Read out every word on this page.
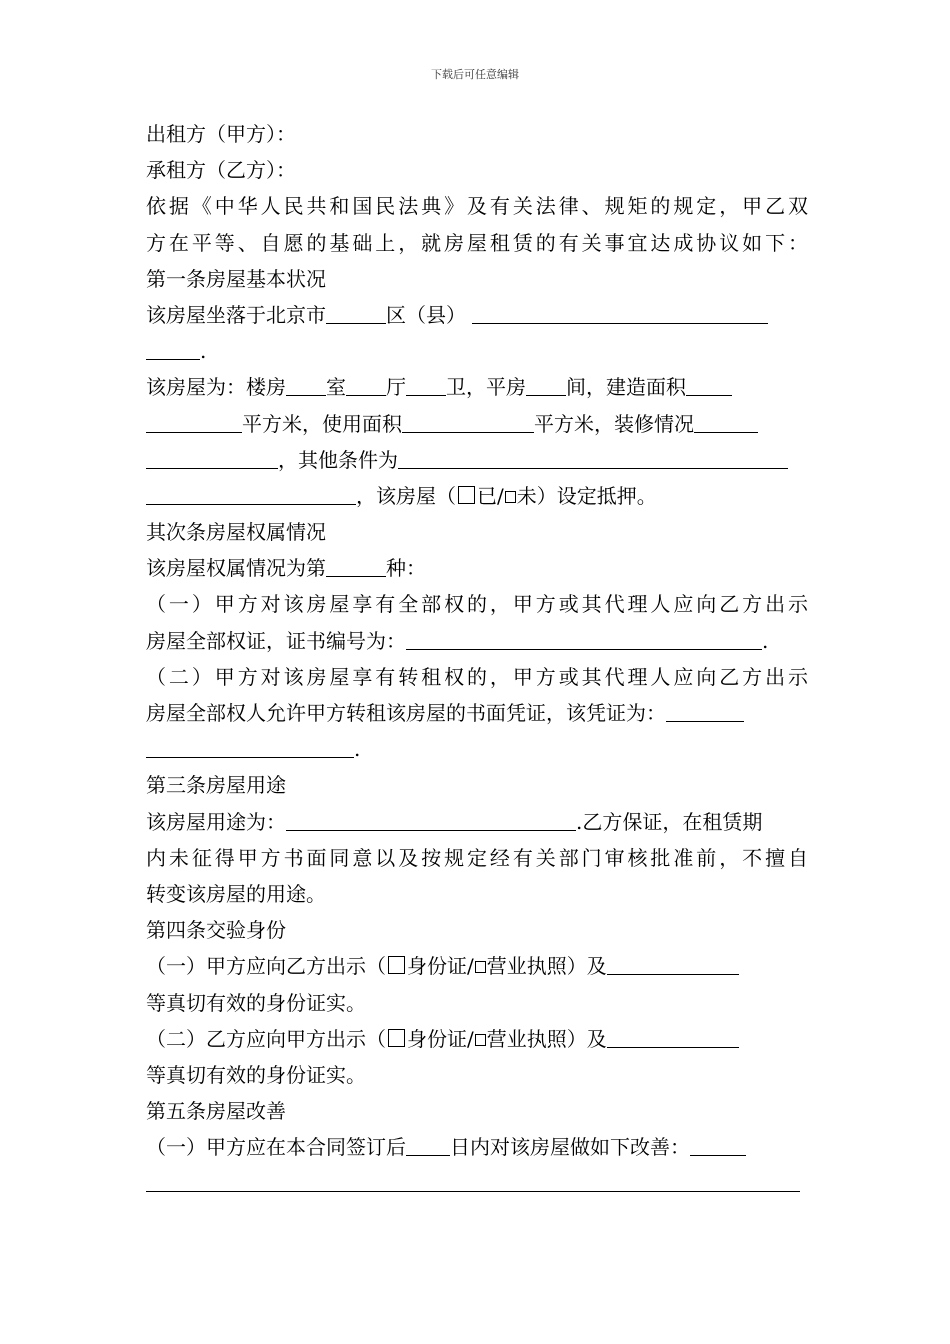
下载后可任意编辑
出租方（甲方）：
承租方（乙方）：
依据《中华人民共和国民法典》及有关法律、规矩的规定，甲乙双
方在平等、自愿的基础上，就房屋租赁的有关事宜达成协议如下：
第一条房屋基本状况
该房屋坐落于北京市	区（县）
.
该房屋为：楼房 室 厅 卫，平房 间，建造面积
平方米，使用面积	平方米，装修情况
，其他条件为
，该房屋（ 已/ 未）设定抵押。
其次条房屋权属情况
该房屋权属情况为第	种：
（一）甲方对该房屋享有全部权的，甲方或其代理人应向乙方出示
房屋全部权证，证书编号为：	.
（二）甲方对该房屋享有转租权的，甲方或其代理人应向乙方出示
房屋全部权人允许甲方转租该房屋的书面凭证，该凭证为：
.
第三条房屋用途
该房屋用途为：	.乙方保证，在租赁期
内未征得甲方书面同意以及按规定经有关部门审核批准前，不擅自
转变该房屋的用途。
第四条交验身份
（一）甲方应向乙方出示（ 身份证/ 营业执照）及
等真切有效的身份证实。
（二）乙方应向甲方出示（ 身份证/ 营业执照）及
等真切有效的身份证实。
第五条房屋改善
（一）甲方应在本合同签订后 日内对该房屋做如下改善：
